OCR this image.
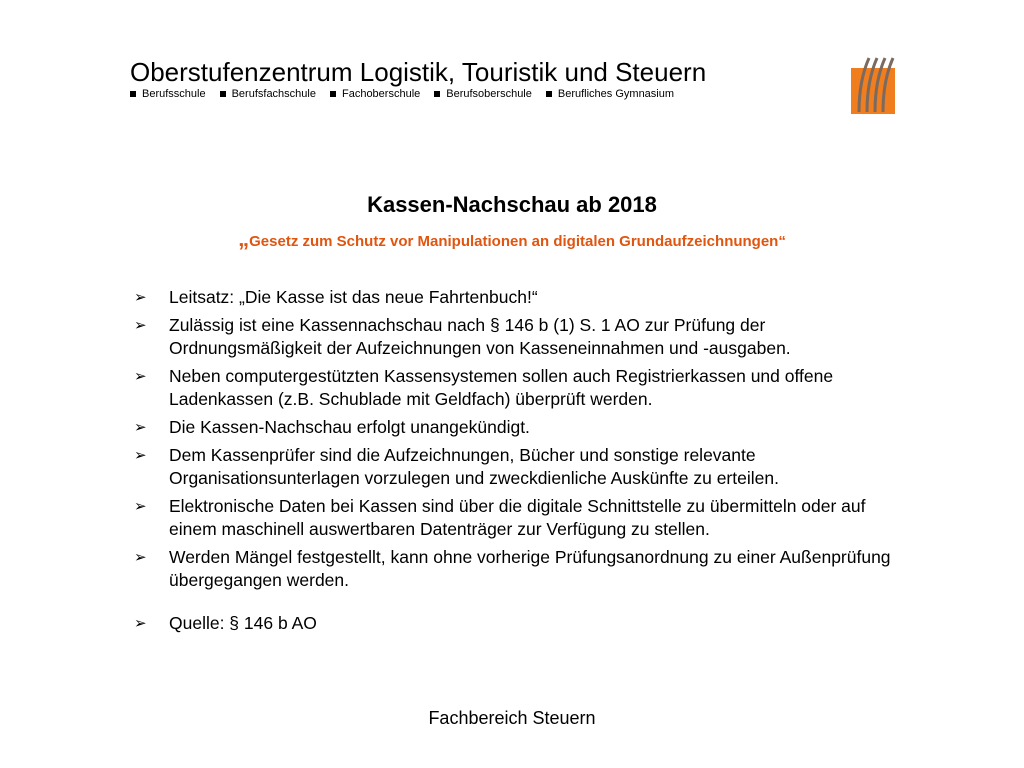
Oberstufenzentrum Logistik, Touristik und Steuern
Berufsschule Berufsfachschule Fachoberschule Berufsoberschule Berufliches Gymnasium
Kassen-Nachschau ab 2018
„Gesetz zum Schutz vor Manipulationen an digitalen Grundaufzeichnungen“
➢ Leitsatz: „Die Kasse ist das neue Fahrtenbuch!“
➢ Zulässig ist eine Kassennachschau nach § 146 b (1) S. 1 AO zur Prüfung der Ordnungsmäßigkeit der Aufzeichnungen von Kasseneinnahmen und -ausgaben.
➢ Neben computergestützten Kassensystemen sollen auch Registrierkassen und offene Ladenkassen (z.B. Schublade mit Geldfach) überprüft werden.
➢ Die Kassen-Nachschau erfolgt unangekündigt.
➢ Dem Kassenprüfer sind die Aufzeichnungen, Bücher und sonstige relevante Organisationsunterlagen vorzulegen und zweckdienliche Auskünfte zu erteilen.
➢ Elektronische Daten bei Kassen sind über die digitale Schnittstelle zu übermitteln oder auf einem maschinell auswertbaren Datenträger zur Verfügung zu stellen.
➢ Werden Mängel festgestellt, kann ohne vorherige Prüfungsanordnung zu einer Außenprüfung übergegangen werden.
➢ Quelle: § 146 b AO
Fachbereich Steuern
